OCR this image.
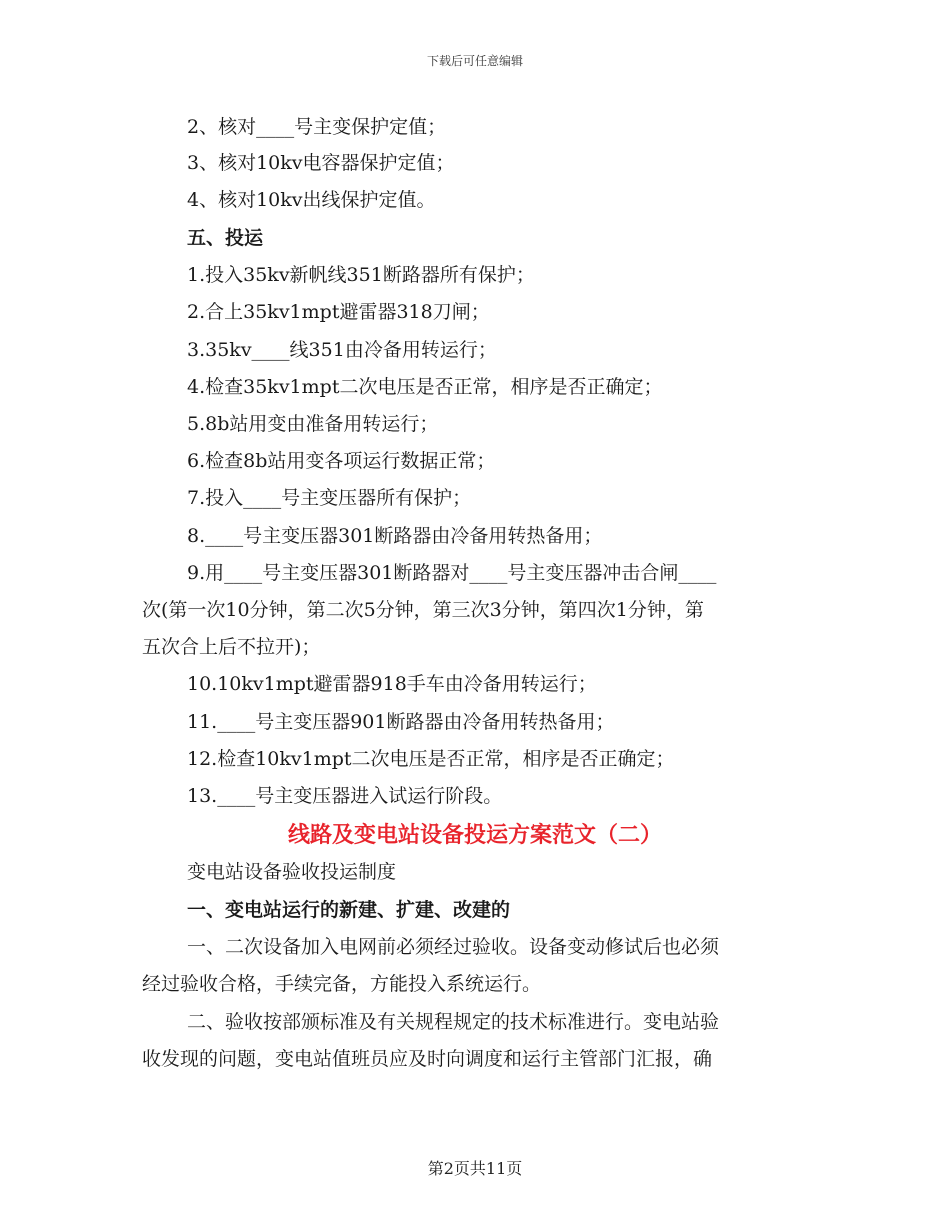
下载后可任意编辑
2、核对____号主变保护定值；
3、核对10kv电容器保护定值；
4、核对10kv出线保护定值。
五、投运
1.投入35kv新帆线351断路器所有保护；
2.合上35kv1mpt避雷器318刀闸；
3.35kv____线351由冷备用转运行；
4.检查35kv1mpt二次电压是否正常，相序是否正确定；
5.8b站用变由准备用转运行；
6.检查8b站用变各项运行数据正常；
7.投入____号主变压器所有保护；
8.____号主变压器301断路器由冷备用转热备用；
9.用____号主变压器301断路器对____号主变压器冲击合闸____
次(第一次10分钟，第二次5分钟，第三次3分钟，第四次1分钟，第
五次合上后不拉开)；
10.10kv1mpt避雷器918手车由冷备用转运行；
11.____号主变压器901断路器由冷备用转热备用；
12.检查10kv1mpt二次电压是否正常，相序是否正确定；
13.____号主变压器进入试运行阶段。
线路及变电站设备投运方案范文（二）
变电站设备验收投运制度
一、变电站运行的新建、扩建、改建的
一、二次设备加入电网前必须经过验收。设备变动修试后也必须
经过验收合格，手续完备，方能投入系统运行。
二、验收按部颁标准及有关规程规定的技术标准进行。变电站验
收发现的问题，变电站值班员应及时向调度和运行主管部门汇报，确
第2页共11页
